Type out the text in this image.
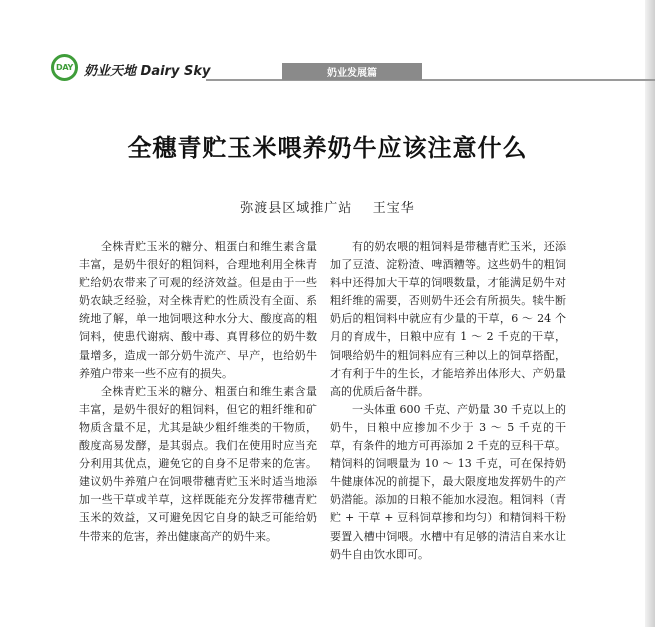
DAY 奶业天地 Dairy Sky	奶业发展篇
全穗青贮玉米喂养奶牛应该注意什么
弥渡县区域推广站    王宝华

全株青贮玉米的糖分、粗蛋白和维生素含量丰富，是奶牛很好的粗饲料，合理地利用全株青贮给奶农带来了可观的经济效益。但是由于一些奶农缺乏经验，对全株青贮的性质没有全面、系统地了解，单一地饲喂这种水分大、酸度高的粗饲料，使患代谢病、酸中毒、真胃移位的奶牛数量增多，造成一部分奶牛流产、早产，也给奶牛养殖户带来一些不应有的损失。

全株青贮玉米的糖分、粗蛋白和维生素含量丰富，是奶牛很好的粗饲料，但它的粗纤维和矿物质含量不足，尤其是缺少粗纤维类的干物质，酸度高易发酵，是其弱点。我们在使用时应当充分利用其优点，避免它的自身不足带来的危害。建议奶牛养殖户在饲喂带穗青贮玉米时适当地添加一些干草或羊草，这样既能充分发挥带穗青贮玉米的效益，又可避免因它自身的缺乏可能给奶牛带来的危害，养出健康高产的奶牛来。

有的奶农喂的粗饲料是带穗青贮玉米，还添加了豆渣、淀粉渣、啤酒糟等。这些奶牛的粗饲料中还得加大干草的饲喂数量，才能满足奶牛对粗纤维的需要，否则奶牛还会有所损失。犊牛断奶后的粗饲料中就应有少量的干草，6 ～ 24 个月的育成牛，日粮中应有 1 ～ 2 千克的干草，饲喂给奶牛的粗饲料应有三种以上的饲草搭配，才有利于牛的生长，才能培养出体形大、产奶量高的优质后备牛群。

一头体重 600 千克、产奶量 30 千克以上的奶牛，日粮中应掺加不少于 3 ～ 5 千克的干草，有条件的地方可再添加 2 千克的豆科干草。精饲料的饲喂量为 10 ～ 13 千克，可在保持奶牛健康体况的前提下，最大限度地发挥奶牛的产奶潜能。添加的日粮不能加水浸泡。粗饲料（青贮 + 干草 + 豆科饲草掺和均匀）和精饲料干粉要置入槽中饲喂。水槽中有足够的清洁自来水让奶牛自由饮水即可。
